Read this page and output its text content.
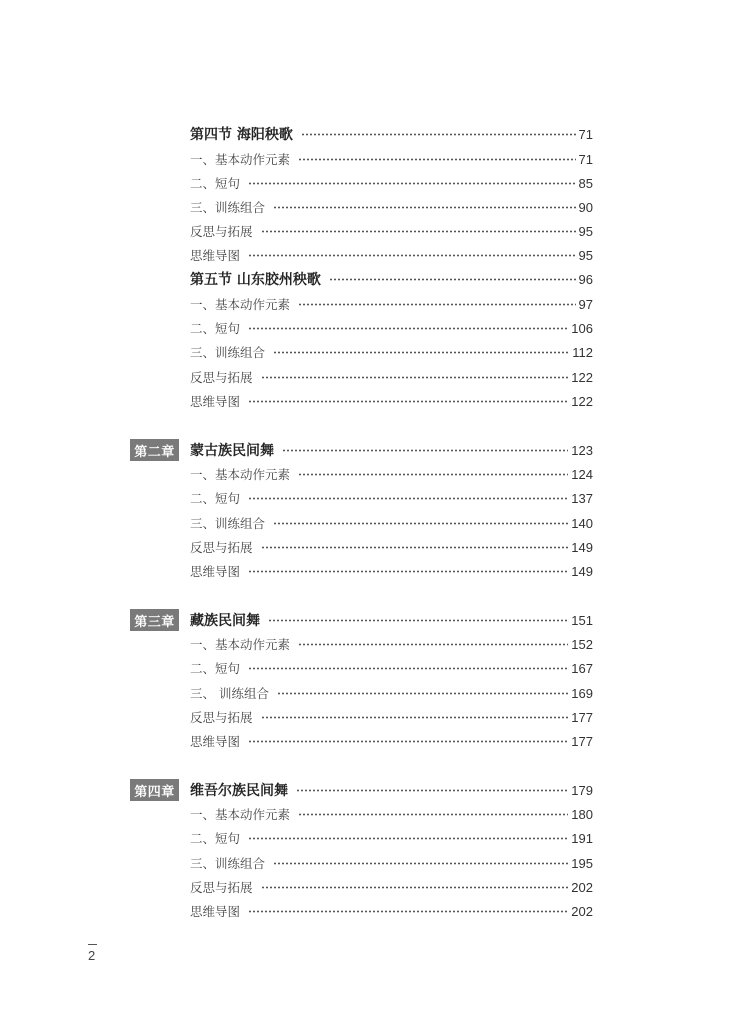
第四节 海阳秧歌	71
一、基本动作元素	71
二、短句	85
三、训练组合	90
反思与拓展	95
思维导图	95
第五节 山东胶州秧歌	96
一、基本动作元素	97
二、短句	106
三、训练组合	112
反思与拓展	122
思维导图	122
第二章	蒙古族民间舞	123
一、基本动作元素	124
二、短句	137
三、训练组合	140
反思与拓展	149
思维导图	149
第三章	藏族民间舞	151
一、基本动作元素	152
二、短句	167
三、 训练组合	169
反思与拓展	177
思维导图	177
第四章	维吾尔族民间舞	179
一、基本动作元素	180
二、短句	191
三、训练组合	195
反思与拓展	202
思维导图	202
2
